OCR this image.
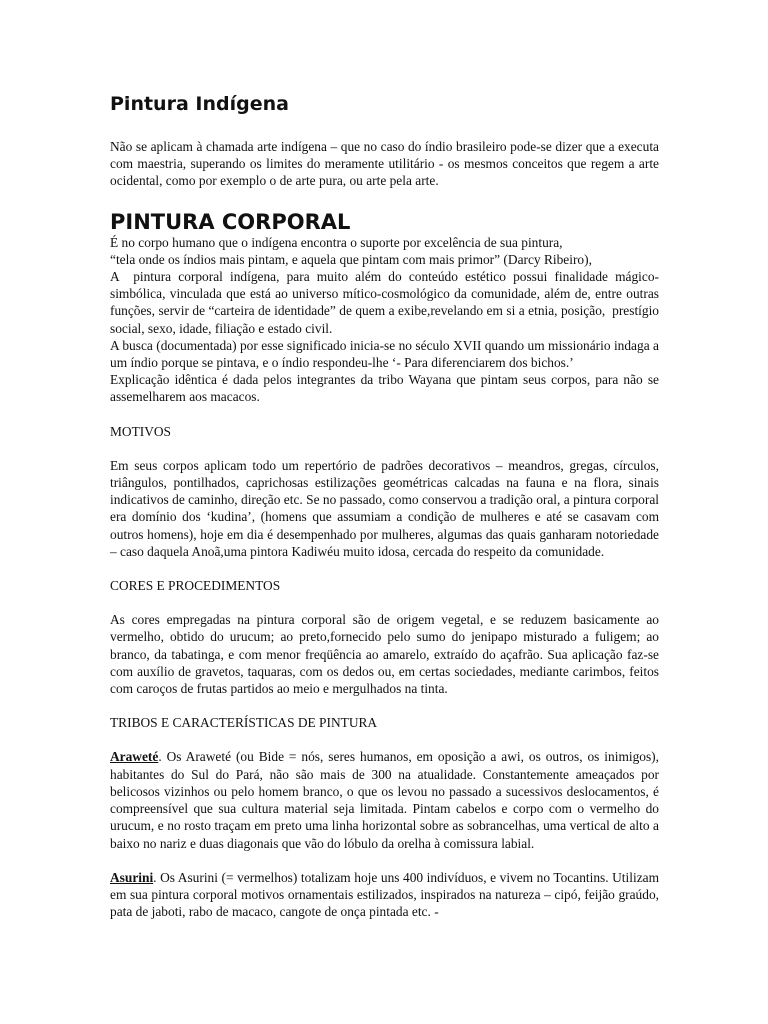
Pintura Indígena

Não se aplicam à chamada arte indígena – que no caso do índio brasileiro pode-se dizer que a executa  com maestria, superando os limites do meramente utilitário - os mesmos conceitos que regem a arte ocidental, como por exemplo o de arte pura, ou arte pela arte.

PINTURA CORPORAL

É no corpo humano que o indígena encontra o suporte por excelência de sua pintura,

“tela onde os índios mais pintam, e aquela que pintam com mais primor” (Darcy Ribeiro),

A  pintura corporal indígena, para muito além do conteúdo estético possui finalidade mágico-simbólica, vinculada que está ao universo mítico-cosmológico da comunidade, além de, entre outras funções, servir de “carteira de identidade” de quem a exibe,revelando em si a etnia, posição,  prestígio social, sexo, idade, filiação e estado civil.

A busca (documentada) por esse significado inicia-se no século XVII quando um missionário indaga a um índio porque se pintava, e o índio respondeu-lhe ‘- Para diferenciarem dos bichos.’

Explicação idêntica é dada pelos integrantes da tribo Wayana que pintam seus corpos, para não se assemelharem aos macacos.

MOTIVOS

Em seus corpos aplicam todo um repertório de padrões decorativos – meandros, gregas, círculos, triângulos, pontilhados, caprichosas estilizações geométricas calcadas na fauna e na flora, sinais indicativos de caminho, direção etc. Se no passado, como conservou a tradição oral, a pintura corporal era domínio dos ‘kudina’, (homens que assumiam a condição de mulheres e até se casavam com outros homens), hoje em dia é desempenhado por mulheres, algumas das quais ganharam notoriedade – caso daquela Anoã,uma pintora Kadiwéu muito idosa, cercada do respeito da comunidade.

CORES E PROCEDIMENTOS

As cores empregadas na pintura corporal são de origem vegetal, e se reduzem basicamente ao vermelho, obtido do urucum; ao preto,fornecido pelo sumo do jenipapo misturado a fuligem; ao branco, da tabatinga, e com menor freqüência ao amarelo, extraído do açafrão. Sua aplicação faz-se com auxílio de gravetos, taquaras, com os dedos ou, em certas sociedades, mediante carimbos, feitos com caroços de frutas partidos ao meio e mergulhados na tinta.

TRIBOS E CARACTERÍSTICAS DE PINTURA

Araweté. Os Araweté (ou Bide = nós, seres humanos, em oposição a awi, os outros, os inimigos), habitantes do Sul do Pará, não são mais de 300 na atualidade. Constantemente ameaçados por belicosos vizinhos ou pelo homem branco, o que os levou no passado a sucessivos deslocamentos, é compreensível que sua cultura material seja limitada. Pintam cabelos e corpo com o vermelho do urucum, e no rosto traçam em preto uma linha horizontal sobre as sobrancelhas, uma vertical de alto a baixo no nariz e duas diagonais que vão do lóbulo da orelha à comissura labial.

Asurini. Os Asurini (= vermelhos) totalizam hoje uns 400 indivíduos, e vivem no Tocantins. Utilizam em sua pintura corporal motivos ornamentais estilizados, inspirados na natureza – cipó, feijão graúdo, pata de jaboti, rabo de macaco, cangote de onça pintada etc. -
